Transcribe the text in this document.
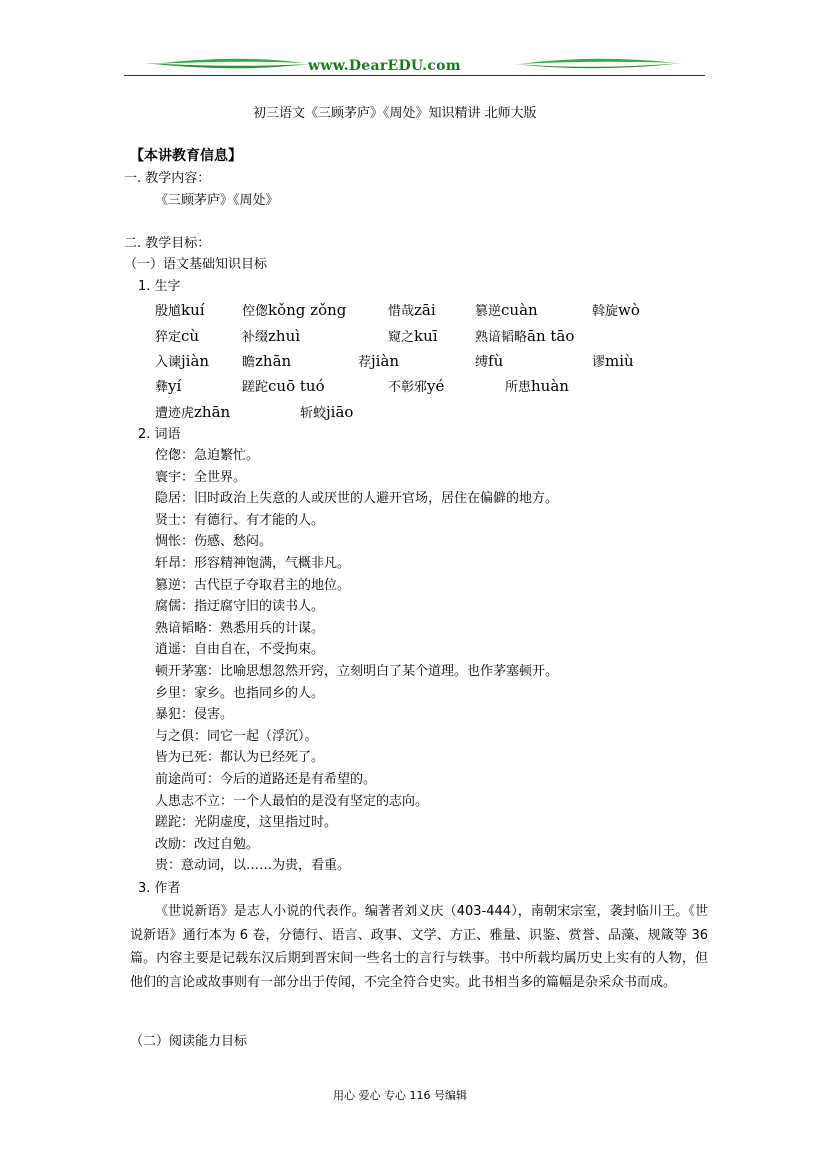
www.DearEDU.com
初三语文《三顾茅庐》《周处》知识精讲 北师大版
【本讲教育信息】
一. 教学内容：
《三顾茅庐》《周处》
二. 教学目标：
（一）语文基础知识目标
1. 生字
殷馗kuí	倥偬kǒng zǒng	惜哉zāi	篡逆cuàn	斡旋wò
猝定cù	补缀zhuì	窥之kuī	熟谙韬略ān tāo
入谏jiàn	瞻zhān	荐jiàn	缚fù	谬miù
彝yí	蹉跎cuō tuó	不彰邪yé	所患huàn
遭迹虎zhān	斩蛟jiāo
2. 词语
倥偬：急迫繁忙。
寰宇：全世界。
隐居：旧时政治上失意的人或厌世的人避开官场，居住在偏僻的地方。
贤士：有德行、有才能的人。
惆怅：伤感、愁闷。
轩昂：形容精神饱满，气概非凡。
篡逆：古代臣子夺取君主的地位。
腐儒：指迂腐守旧的读书人。
熟谙韬略：熟悉用兵的计谋。
逍遥：自由自在，不受拘束。
顿开茅塞：比喻思想忽然开窍，立刻明白了某个道理。也作茅塞顿开。
乡里：家乡。也指同乡的人。
暴犯：侵害。
与之俱：同它一起（浮沉）。
皆为已死：都认为已经死了。
前途尚可：今后的道路还是有希望的。
人患志不立：一个人最怕的是没有坚定的志向。
蹉跎：光阴虚度，这里指过时。
改励：改过自勉。
贵：意动词，以……为贵，看重。
3. 作者
《世说新语》是志人小说的代表作。编著者刘义庆（403-444），南朝宋宗室，袭封临川王。《世说新语》通行本为 6 卷，分德行、语言、政事、文学、方正、雅量、识鉴、赏誉、品藻、规箴等 36 篇。内容主要是记载东汉后期到晋宋间一些名士的言行与轶事。书中所载均属历史上实有的人物，但他们的言论或故事则有一部分出于传闻，不完全符合史实。此书相当多的篇幅是杂采众书而成。
（二）阅读能力目标
用心 爱心 专心 116 号编辑
